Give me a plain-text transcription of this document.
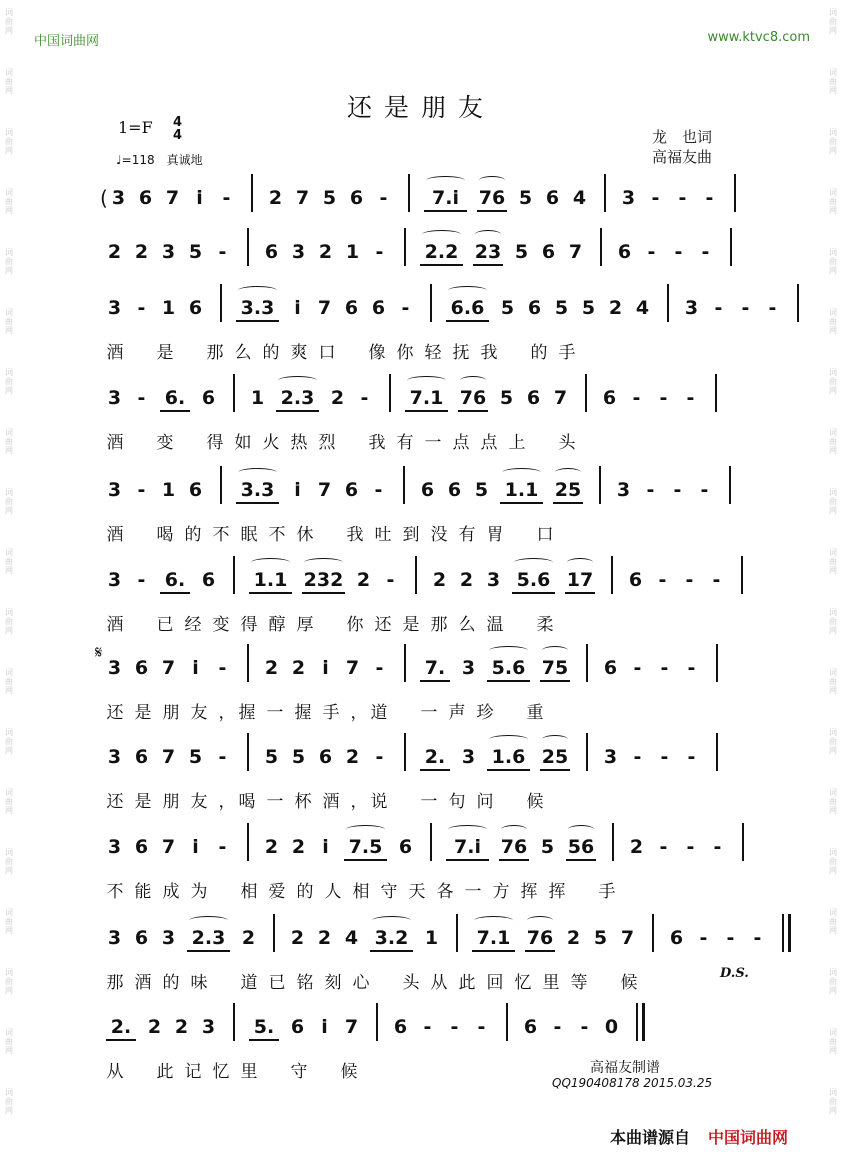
词
曲
网
词
曲
网
词
曲
网
词
曲
网
词
曲
网
词
曲
网
词
曲
网
词
曲
网
词
曲
网
词
曲
网
词
曲
网
词
曲
网
词
曲
网
词
曲
网
词
曲
网
词
曲
网
词
曲
网
词
曲
网
词
曲
网
词
曲
网
词
曲
网
词
曲
网
词
曲
网
词
曲
网
词
曲
网
词
曲
网
词
曲
网
词
曲
网
词
曲
网
词
曲
网
词
曲
网
词
曲
网
词
曲
网
词
曲
网
词
曲
网
词
曲
网
词
曲
网
词
曲
网
中国词曲网	www.ktvc8.com
还是朋友
1=F 4
4
♩=118　真诚地
龙　也词
高福友曲
𝄋
D.S.
( 3 6 7 i - 2 7 5 6 -	7.i	76 5 6 4 3 - - -
2 2 3 5 - 6 3 2 1 - 2.2 23 5 6 7 6 - - -
3 - 1 6 3.3 i 7 6 6 - 6.6 5 6 5 5 2 4 3 - - -
酒 是 那 么 的 爽 口 像 你 轻 抚 我 的 手
3 - 6. 6 1 2.3 2 - 7.1 76 5 6 7 6 - - -
酒 变 得 如 火 热 烈 我 有 一 点 点 上 头
3 - 1 6 3.3 i 7 6 - 6 6 5 1.1 25 3 - - -
酒 喝 的 不 眠 不 休 我 吐 到 没 有 胃 口
3 - 6. 6 1.1 232 2 - 2 2 3 5.6 17 6 - - -
酒 已 经 变 得 醇 厚 你 还 是 那 么 温 柔
3 6 7 i - 2 2 i 7 - 7. 3 5.6 75 6 - - -
还 是 朋 友 ， 握 一 握 手 ， 道 一 声 珍 重
3 6 7 5 - 5 5 6 2 - 2. 3 1.6 25 3 - - -
还 是 朋 友 ， 喝 一 杯 酒 ， 说 一 句 问 候
3 6 7 i - 2 2 i 7.5 6	7.i	76 5 56 2 - - -
不 能 成 为 相 爱 的 人 相 守 天 各 一 方 挥 挥 手
3 6 3 2.3 2 2 2 4 3.2 1 7.1 76 2 5 7 6 - - -
那 酒 的 味 道 已 铭 刻 心 头 从 此 回 忆 里 等 候
2. 2 2 3 5. 6 i 7 6 - - - 6 - - 0
从 此 记 忆 里 守 候	高福友制谱
QQ190408178 2015.03.25
本曲谱源自 中国词曲网
